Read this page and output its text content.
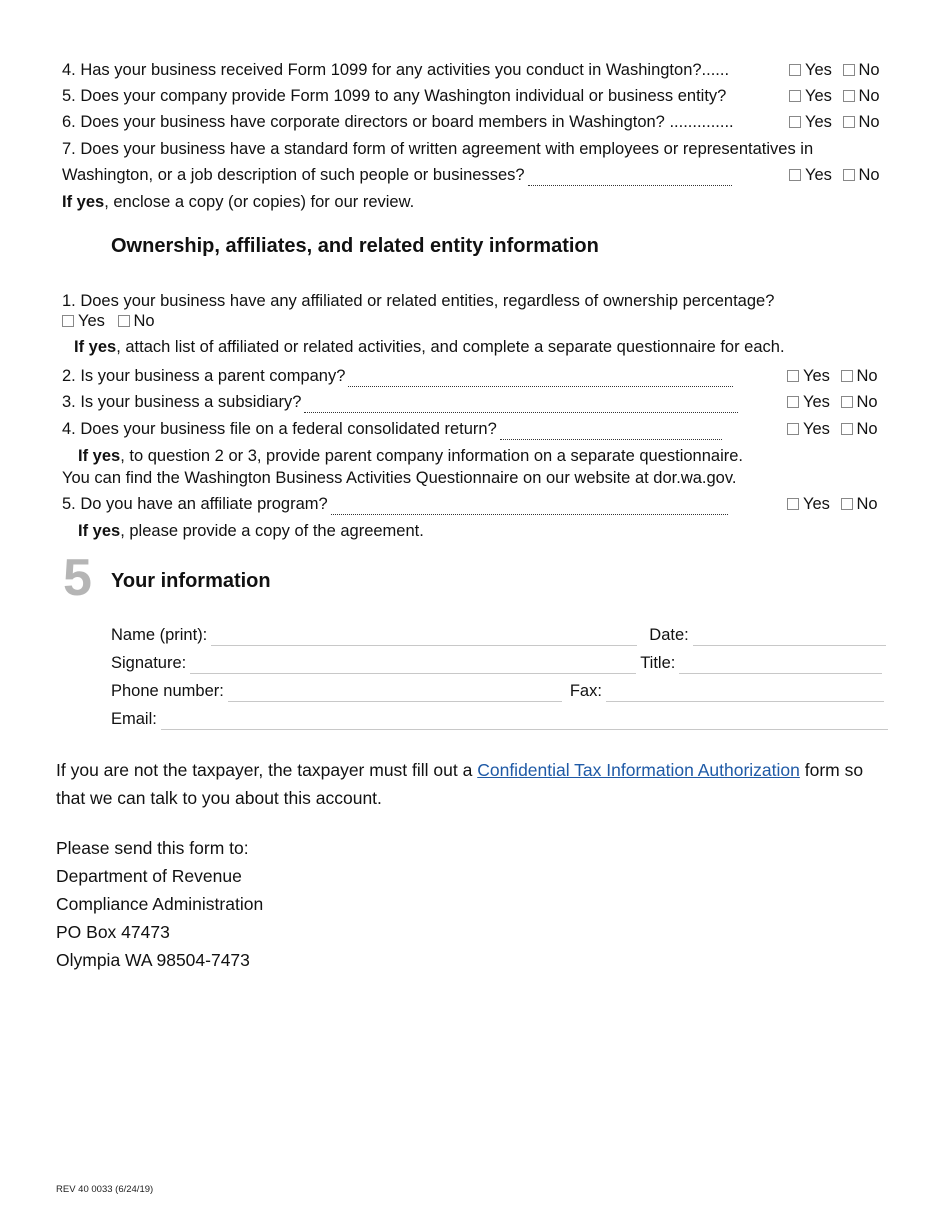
4. Has your business received Form 1099 for any activities you conduct in Washington?......	Yes
No
5. Does your company provide Form 1099 to any Washington individual or business entity?	Yes
No
6. Does your business have corporate directors or board members in Washington? ..............	Yes
No
7. Does your business have a standard form of written agreement with employees or representatives in
Washington, or a job description of such people or businesses?	Yes
No
If yes, enclose a copy (or copies) for our review.
Ownership, affiliates, and related entity information
1. Does your business have any affiliated or related entities, regardless of ownership percentage?
Yes
No
If yes, attach list of affiliated or related activities, and complete a separate questionnaire for each.
2. Is your business a parent company?	Yes
No
3. Is your business a subsidiary?	Yes
No
4. Does your business file on a federal consolidated return?	Yes
No
If yes, to question 2 or 3, provide parent company information on a separate questionnaire.
You can find the Washington Business Activities Questionnaire on our website at dor.wa.gov.
5. Do you have an affiliate program?	Yes
No
If yes, please provide a copy of the agreement.
5 Your information
Name (print):	Date:
Signature:	Title:
Phone number:	Fax:
Email:
If you are not the taxpayer, the taxpayer must fill out a Confidential Tax Information Authorization form so
that we can talk to you about this account.
Please send this form to:
Department of Revenue
Compliance Administration
PO Box 47473
Olympia WA 98504-7473
REV 40 0033 (6/24/19)
